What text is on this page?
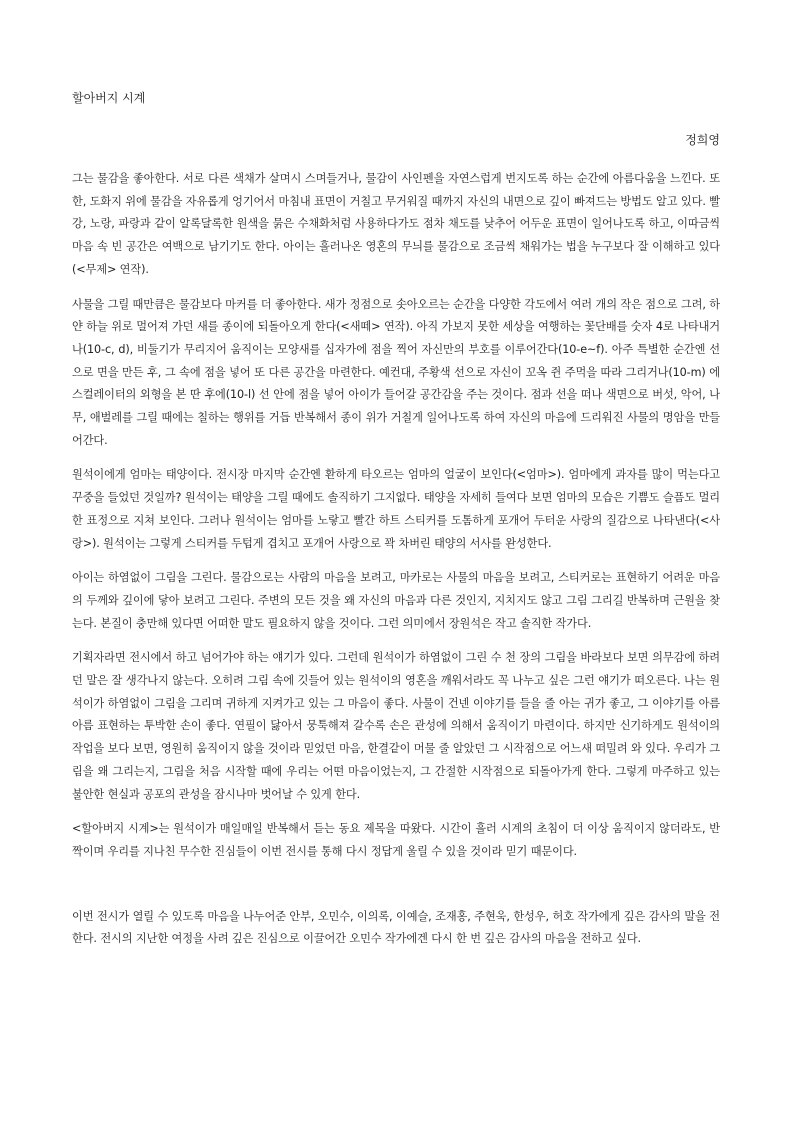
할아버지 시계
정희영

그는 물감을 좋아한다. 서로 다른 색채가 살며시 스며들거나, 물감이 사인펜을 자연스럽게 번지도록 하는 순간에 아름다움을 느낀다. 또한, 도화지 위에 물감을 자유롭게 엉기어서 마침내 표면이 거칠고 무거워질 때까지 자신의 내면으로 깊이 빠져드는 방법도 알고 있다. 빨강, 노랑, 파랑과 같이 알록달록한 원색을 묽은 수채화처럼 사용하다가도 점차 채도를 낮추어 어두운 표면이 일어나도록 하고, 이따금씩 마음 속 빈 공간은 여백으로 남기기도 한다. 아이는 흘러나온 영혼의 무늬를 물감으로 조금씩 채워가는 법을 누구보다 잘 이해하고 있다(<무제> 연작).

사물을 그릴 때만큼은 물감보다 마커를 더 좋아한다. 새가 정점으로 솟아오르는 순간을 다양한 각도에서 여러 개의 작은 점으로 그려, 하얀 하늘 위로 멀어져 가던 새를 종이에 되돌아오게 한다(<새떼> 연작). 아직 가보지 못한 세상을 여행하는 꽃단배를 숫자 4로 나타내거나(10-c, d), 비둘기가 무리지어 움직이는 모양새를 십자가에 점을 찍어 자신만의 부호를 이루어간다(10-e~f). 아주 특별한 순간엔 선으로 면을 만든 후, 그 속에 점을 넣어 또 다른 공간을 마련한다. 예컨대, 주황색 선으로 자신이 꼬옥 쥔 주먹을 따라 그리거나(10-m) 에스컬레이터의 외형을 본 딴 후에(10-l) 선 안에 점을 넣어 아이가 들어갈 공간감을 주는 것이다. 점과 선을 떠나 색면으로 버섯, 악어, 나무, 애벌레를 그릴 때에는 칠하는 행위를 거듭 반복해서 종이 위가 거칠게 일어나도록 하여 자신의 마음에 드리워진 사물의 명암을 만들어간다.

원석이에게 엄마는 태양이다. 전시장 마지막 순간엔 환하게 타오르는 엄마의 얼굴이 보인다(<엄마>). 엄마에게 과자를 많이 먹는다고 꾸중을 들었던 것일까? 원석이는 태양을 그릴 때에도 솔직하기 그지없다. 태양을 자세히 들여다 보면 엄마의 모습은 기쁨도 슬픔도 멀리한 표정으로 지쳐 보인다. 그러나 원석이는 엄마를 노랗고 빨간 하트 스티커를 도톰하게 포개어 두터운 사랑의 질감으로 나타낸다(<사랑>). 원석이는 그렇게 스티커를 두텁게 겹치고 포개어 사랑으로 꽉 차버린 태양의 서사를 완성한다.

아이는 하염없이 그림을 그린다. 물감으로는 사람의 마음을 보려고, 마카로는 사물의 마음을 보려고, 스티커로는 표현하기 어려운 마음의 두께와 깊이에 닿아 보려고 그린다. 주변의 모든 것을 왜 자신의 마음과 다른 것인지, 지치지도 않고 그림 그리길 반복하며 근원을 찾는다. 본질이 충만해 있다면 어떠한 말도 필요하지 않을 것이다. 그런 의미에서 장원석은 작고 솔직한 작가다.

기획자라면 전시에서 하고 넘어가야 하는 얘기가 있다. 그런데 원석이가 하염없이 그린 수 천 장의 그림을 바라보다 보면 의무감에 하려던 말은 잘 생각나지 않는다. 오히려 그림 속에 깃들어 있는 원석이의 영혼을 깨워서라도 꼭 나누고 싶은 그런 얘기가 떠오른다. 나는 원석이가 하염없이 그림을 그리며 귀하게 지켜가고 있는 그 마음이 좋다. 사물이 건넨 이야기를 들을 줄 아는 귀가 좋고, 그 이야기를 아름아름 표현하는 투박한 손이 좋다. 연필이 닳아서 뭉툭해져 갈수록 손은 관성에 의해서 움직이기 마련이다. 하지만 신기하게도 원석이의 작업을 보다 보면, 영원히 움직이지 않을 것이라 믿었던 마음, 한결같이 머물 줄 알았던 그 시작점으로 어느새 떠밀려 와 있다. 우리가 그림을 왜 그리는지, 그림을 처음 시작할 때에 우리는 어떤 마음이었는지, 그 간절한 시작점으로 되돌아가게 한다. 그렇게 마주하고 있는 불안한 현실과 공포의 관성을 잠시나마 벗어날 수 있게 한다.

<할아버지 시계>는 원석이가 매일매일 반복해서 듣는 동요 제목을 따왔다. 시간이 흘러 시계의 초침이 더 이상 움직이지 않더라도, 반짝이며 우리를 지나친 무수한 진심들이 이번 전시를 통해 다시 정답게 울릴 수 있을 것이라 믿기 때문이다.

이번 전시가 열릴 수 있도록 마음을 나누어준 안부, 오민수, 이의록, 이예슬, 조재홍, 주현욱, 한성우, 허호 작가에게 깊은 감사의 말을 전한다. 전시의 지난한 여정을 사려 깊은 진심으로 이끌어간 오민수 작가에겐 다시 한 번 깊은 감사의 마음을 전하고 싶다.
